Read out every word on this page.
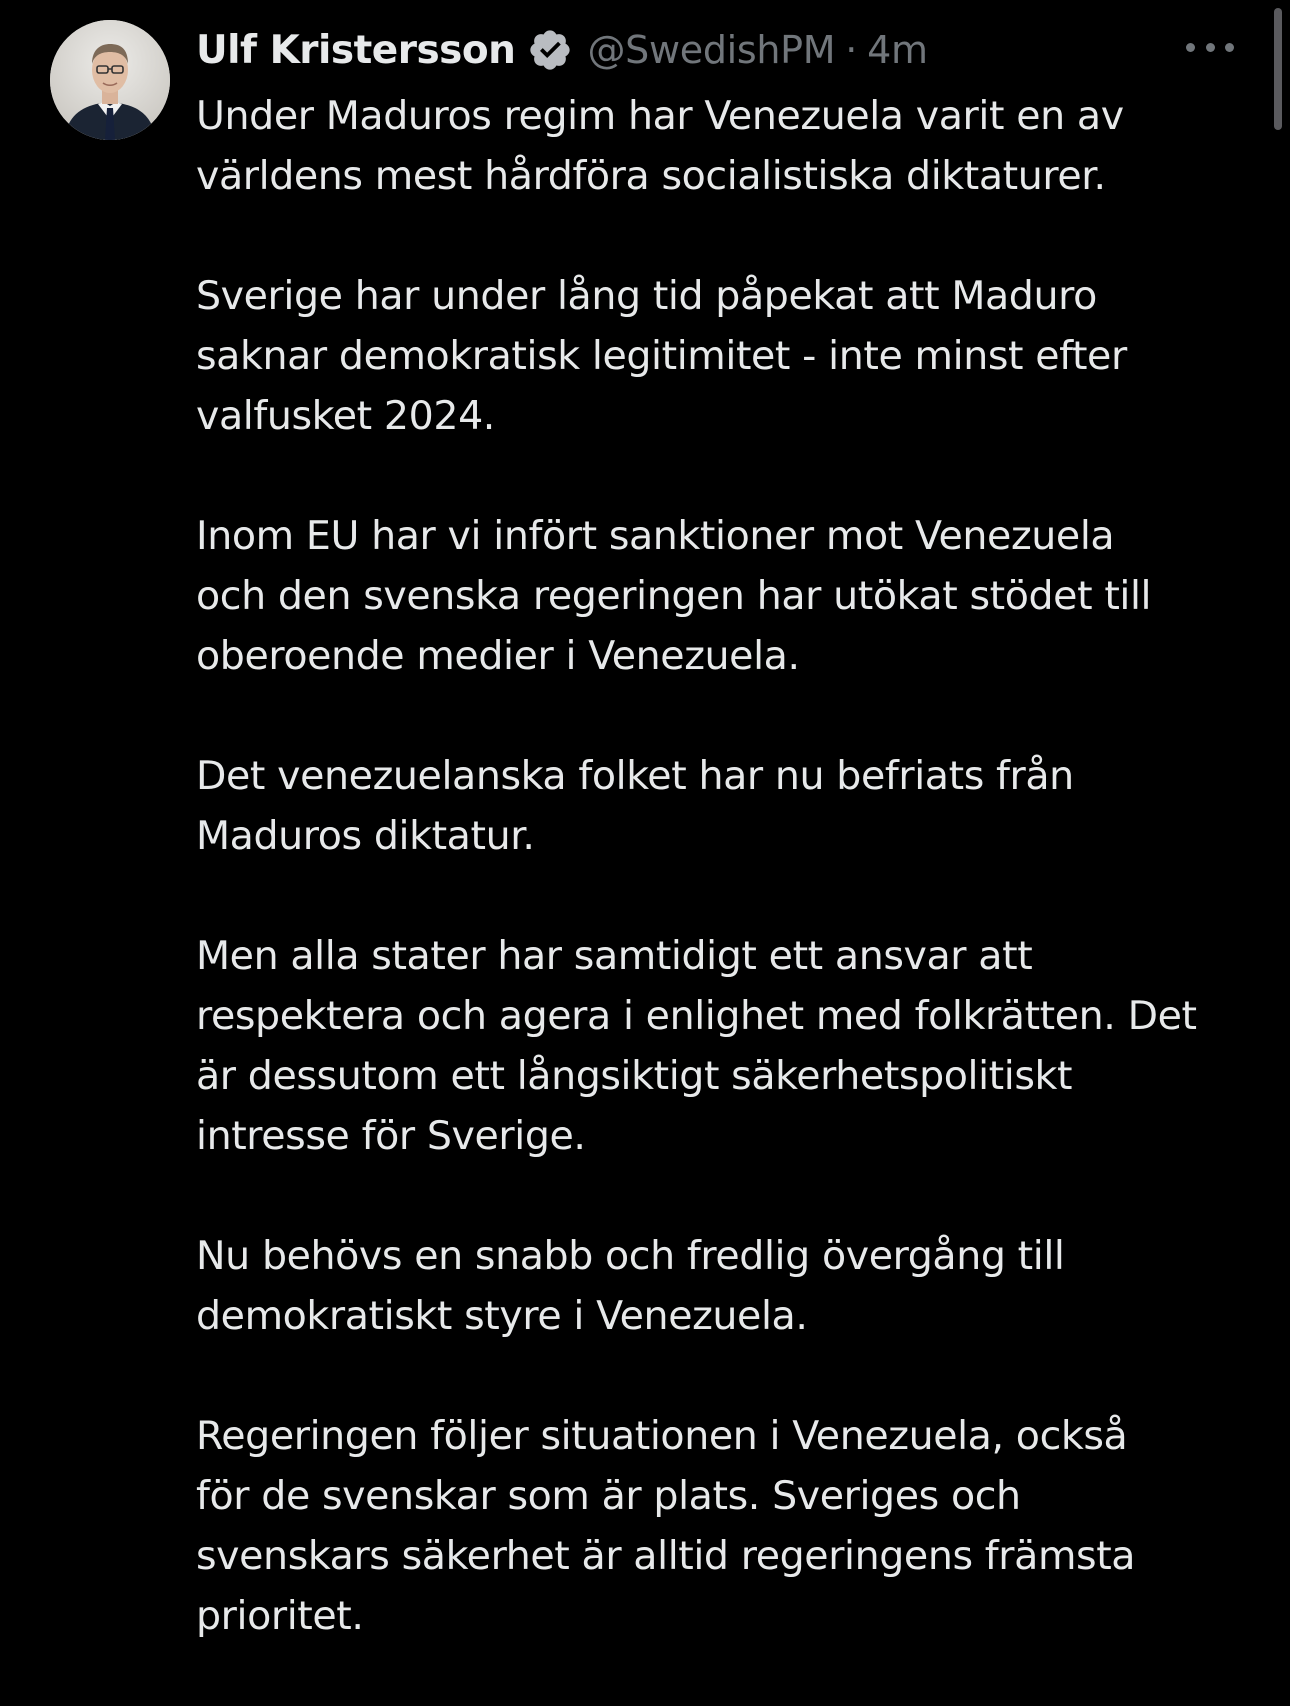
Ulf Kristersson @SwedishPM · 4m

Under Maduros regim har Venezuela varit en av
världens mest hårdföra socialistiska diktaturer.

Sverige har under lång tid påpekat att Maduro
saknar demokratisk legitimitet - inte minst efter
valfusket 2024.

Inom EU har vi infört sanktioner mot Venezuela
och den svenska regeringen har utökat stödet till
oberoende medier i Venezuela.

Det venezuelanska folket har nu befriats från
Maduros diktatur.

Men alla stater har samtidigt ett ansvar att
respektera och agera i enlighet med folkrätten. Det
är dessutom ett långsiktigt säkerhetspolitiskt
intresse för Sverige.

Nu behövs en snabb och fredlig övergång till
demokratiskt styre i Venezuela.

Regeringen följer situationen i Venezuela, också
för de svenskar som är plats. Sveriges och
svenskars säkerhet är alltid regeringens främsta
prioritet.
